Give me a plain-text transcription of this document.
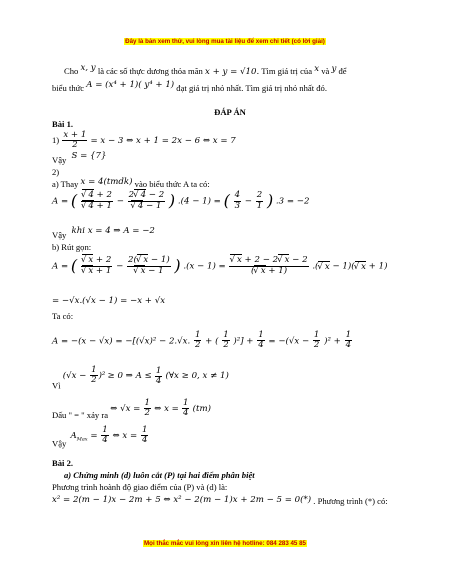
Đây là bản xem thử, vui lòng mua tài liệu để xem chi tiết (có lời giải)
Cho x, y là các số thực dương thỏa mãn x + y = √10. Tìm giá trị của x và y để
biểu thức A = (x⁴ + 1)( y⁴ + 1) đạt giá trị nhỏ nhất. Tìm giá trị nhỏ nhất đó.
ĐÁP ÁN
Bài 1.
$1) \frac{x + 1}{2} = x - 3$ ⇔ x + 1 = 2x − 6 ⇔ x = 7
Vậy S = {7}
2)
a) Thay x = 4(tmdk) vào biểu thức A ta có:
A = ( √ 4 + 2
√ 4 + 1 − 2 √ 4 − 2
√ 4 − 1 ) .(4 − 1) = ( $\frac{4}{3} - \frac{2}{1}$ ) .3 = −2
Vậy khi x = 4 ⇒ A = −2
b) Rút gọn:
A = ( √ x + 2
√ x + 1 − 2( √ x − 1)
√ x − 1 ) .(x − 1) = √ $\frac{x + 2 - 2 √ x - 2}{( √ x + 1)}$ .( √ x − 1)( √ x + 1)
= −√x.(√x − 1) = −x + √x
Ta có:
A = −(x − √x) = −[(√x)² − 2.√x. $\frac{1}{2}$ + ( $\frac{1}{2} )^2] + \frac{1}{4} = -(√x - \frac{1}{2} )^2 + \frac{1}{4}$
Vì $(√x - \frac{1}{2} )^2 \ge 0$ ⇒ $A \le \frac{1}{4}$ (∀x ≥ 0, x ≠ 1)
Dấu " = " xảy ra ⇔ $√x = \frac{1}{2}$ ⇔ $x = \frac{1}{4} (tm)$
Vậy $A_{Max} = \frac{1}{4}$ ⇔ $x = \frac{1}{4}$
Bài 2.
a) Chứng minh (d) luôn cắt (P) tại hai điểm phân biệt
Phương trình hoành độ giao điểm của (P) và (d) là:
x² = 2(m − 1)x − 2m + 5 ⇔ x² − 2(m − 1)x + 2m − 5 = 0(*) . Phương trình (*) có:
Mọi thắc mắc vui lòng xin liên hệ hotline: 084 283 45 85
